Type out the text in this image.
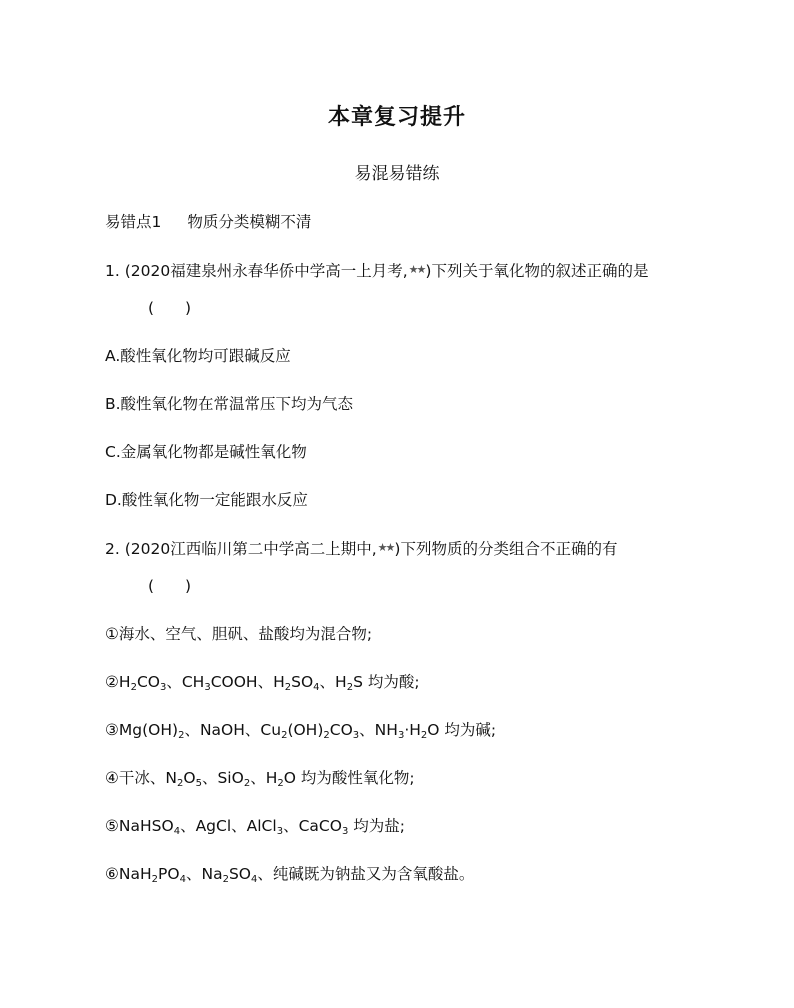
本章复习提升
易混易错练
易错点1 物质分类模糊不清
1. (2020福建泉州永春华侨中学高一上月考,★★)下列关于氧化物的叙述正确的是
(　　)
A.酸性氧化物均可跟碱反应
B.酸性氧化物在常温常压下均为气态
C.金属氧化物都是碱性氧化物
D.酸性氧化物一定能跟水反应
2. (2020江西临川第二中学高二上期中,★★)下列物质的分类组合不正确的有
(　　)
①海水、空气、胆矾、盐酸均为混合物;
$②H_2CO_3$、$CH_3COOH$、$H_2SO_4$、$H_2S$ 均为酸;
$③Mg(OH)_2$、NaOH、$Cu_2(OH)_2CO_3$、$NH_3\cdot H_2O$ 均为碱;
④干冰、$N_2O_5$、SiO$_2$、$H_2O$ 均为酸性氧化物;
⑤NaHSO$_4$、AgCl、AlCl$_3$、CaCO$_3$ 均为盐;
$⑥NaH_2PO_4$、$Na_2SO_4$、纯碱既为钠盐又为含氧酸盐。
